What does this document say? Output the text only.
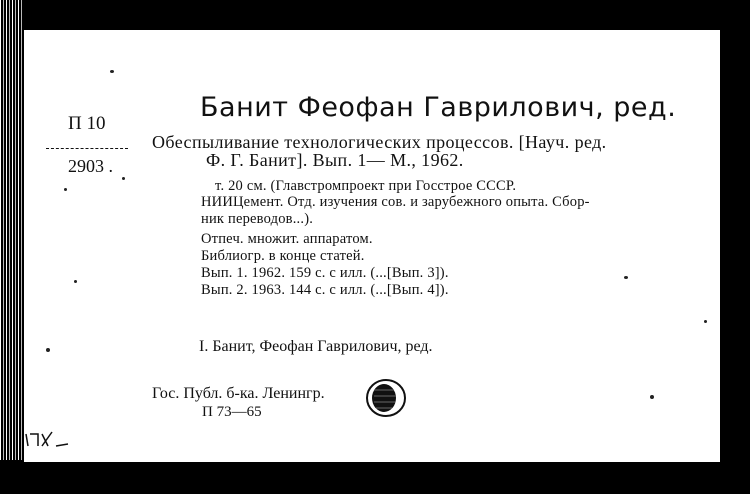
П 10
2903 .
Банит Феофан Гаврилович, ред.
Обеспыливание технологических процессов. [Науч. ред.
Ф. Г. Банит]. Вып. 1— М., 1962.
т. 20 см. (Главстромпроект при Госстрое СССР.
НИИЦемент. Отд. изучения сов. и зарубежного опыта. Сбор-
ник переводов...).
Отпеч. множит. аппаратом.
Библиогр. в конце статей.
Вып. 1. 1962. 159 с. с илл. (...[Вып. 3]).
Вып. 2. 1963. 144 с. с илл. (...[Вып. 4]).
I. Банит, Феофан Гаврилович, ред.
Гос. Публ. б-ка. Ленингр.
П 73—65
